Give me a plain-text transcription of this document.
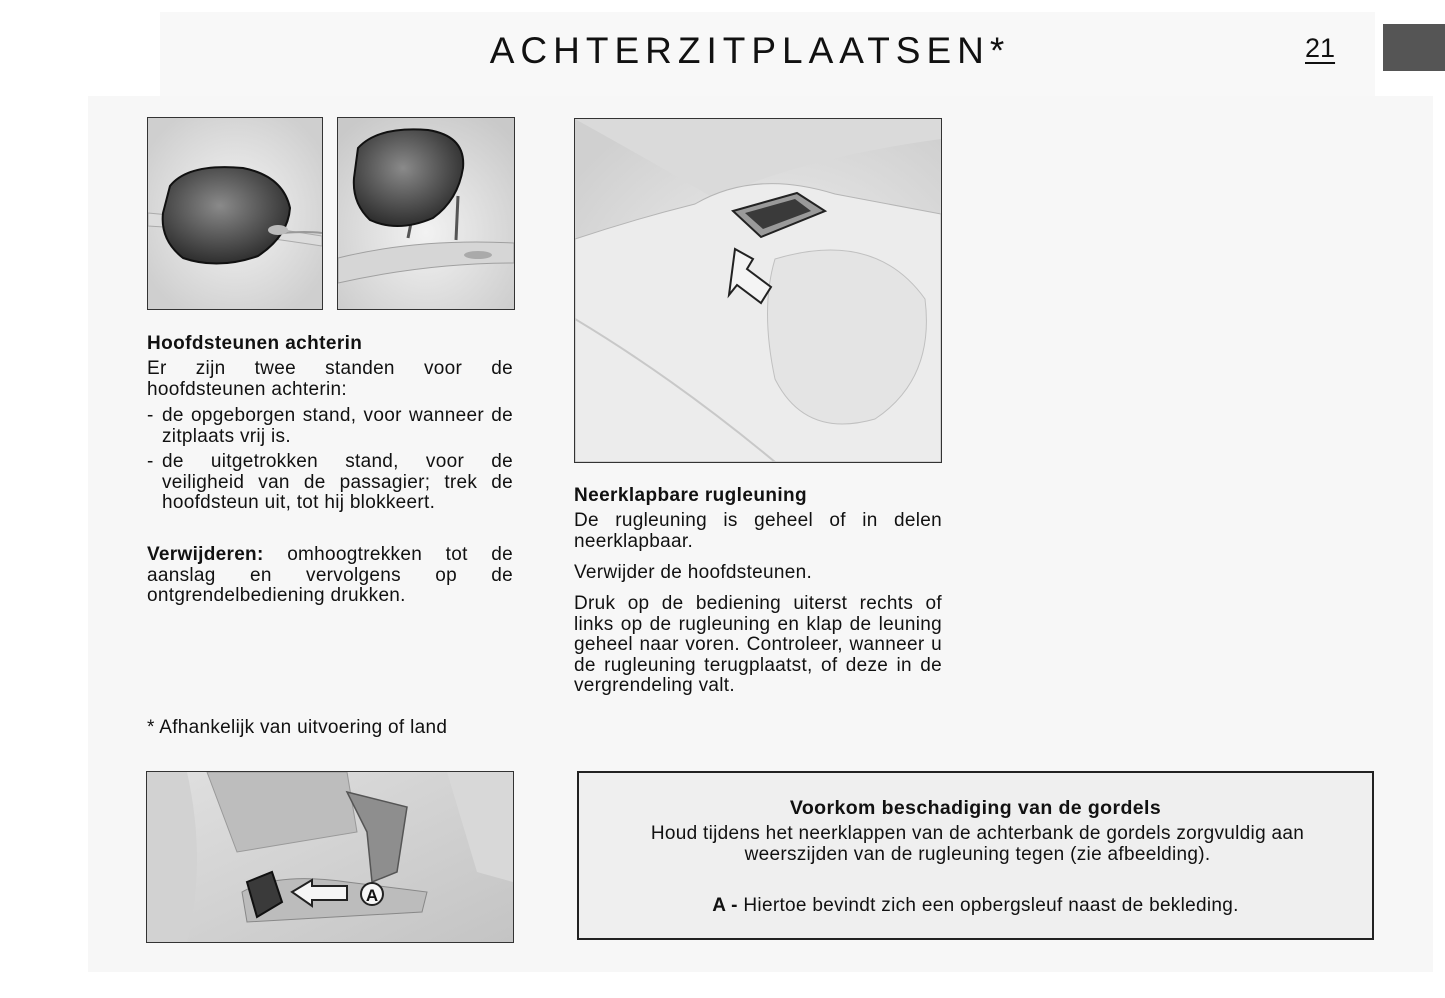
ACHTERZITPLAATSEN*	21
A
Hoofdsteunen achterin
Er zijn twee standen voor de hoofdsteunen achterin:
- de opgeborgen stand, voor wanneer de zitplaats vrij is.
- de uitgetrokken stand, voor de veiligheid van de passagier; trek de hoofdsteun uit, tot hij blokkeert.
Verwijderen: omhoogtrekken tot de aanslag en vervolgens op de ontgrendelbediening drukken.
* Afhankelijk van uitvoering of land
Neerklapbare rugleuning
De rugleuning is geheel of in delen neerklapbaar.
Verwijder de hoofdsteunen.
Druk op de bediening uiterst rechts of links op de rugleuning en klap de leuning geheel naar voren. Controleer, wanneer u de rugleuning terugplaatst, of deze in de vergrendeling valt.
Voorkom beschadiging van de gordels
Houd tijdens het neerklappen van de achterbank de gordels zorgvuldig aan weerszijden van de rugleuning tegen (zie afbeelding).
A - Hiertoe bevindt zich een opbergsleuf naast de bekleding.
